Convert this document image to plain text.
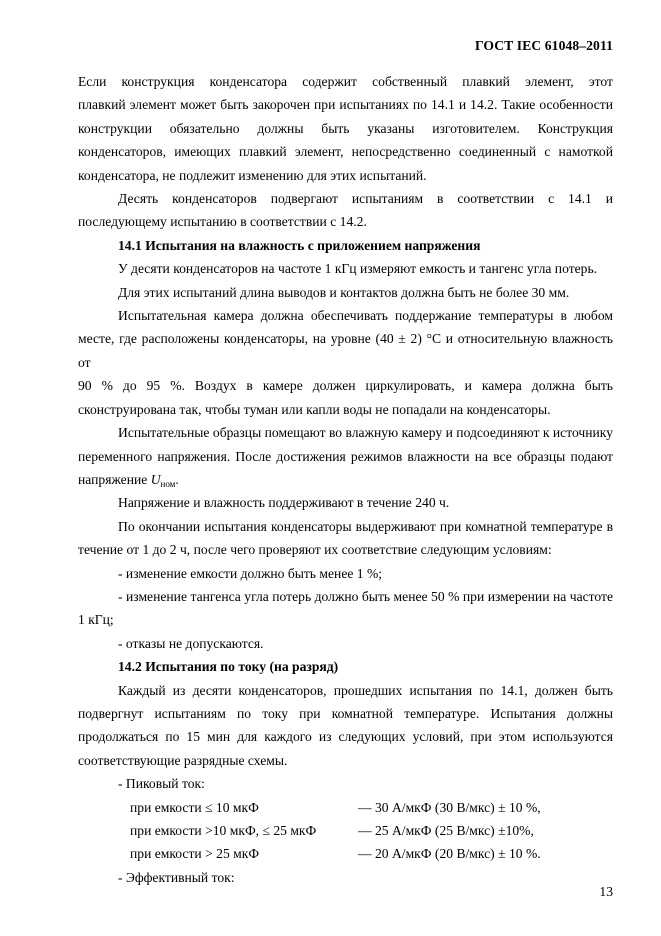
ГОСТ IEC 61048–2011

Если конструкция конденсатора содержит собственный плавкий элемент, этот
плавкий элемент может быть закорочен при испытаниях по 14.1 и 14.2. Такие особенности
конструкции обязательно должны быть указаны изготовителем. Конструкция
конденсаторов, имеющих плавкий элемент, непосредственно соединенный с намоткой
конденсатора, не подлежит изменению для этих испытаний.

Десять конденсаторов подвергают испытаниям в соответствии с 14.1 и
последующему испытанию в соответствии с 14.2.

14.1 Испытания на влажность с приложением напряжения

У десяти конденсаторов на частоте 1 кГц измеряют емкость и тангенс угла потерь.

Для этих испытаний длина выводов и контактов должна быть не более 30 мм.

Испытательная камера должна обеспечивать поддержание температуры в любом
месте, где расположены конденсаторы, на уровне (40 ± 2) °С и относительную влажность от
90 % до 95 %. Воздух в камере должен циркулировать, и камера должна быть
сконструирована так, чтобы туман или капли воды не попадали на конденсаторы.

Испытательные образцы помещают во влажную камеру и подсоединяют к источнику
переменного напряжения. После достижения режимов влажности на все образцы подают
напряжение $U_{ном}$.

Напряжение и влажность поддерживают в течение 240 ч.

По окончании испытания конденсаторы выдерживают при комнатной температуре в
течение от 1 до 2 ч, после чего проверяют их соответствие следующим условиям:

- изменение емкости должно быть менее 1 %;

- изменение тангенса угла потерь должно быть менее 50 % при измерении на частоте
1 кГц;

- отказы не допускаются.

14.2 Испытания по току (на разряд)

Каждый из десяти конденсаторов, прошедших испытания по 14.1, должен быть
подвергнут испытаниям по току при комнатной температуре. Испытания должны
продолжаться по 15 мин для каждого из следующих условий, при этом используются
соответствующие разрядные схемы.

- Пиковый ток:

при емкости ≤ 10 мкФ	— 30 А/мкФ (30 В/мкс) ± 10 %,
при емкости >10 мкФ, ≤ 25 мкФ	— 25 А/мкФ (25 В/мкс) ±10%,
при емкости > 25 мкФ	— 20 А/мкФ (20 В/мкс) ± 10 %.

- Эффективный ток:

13
